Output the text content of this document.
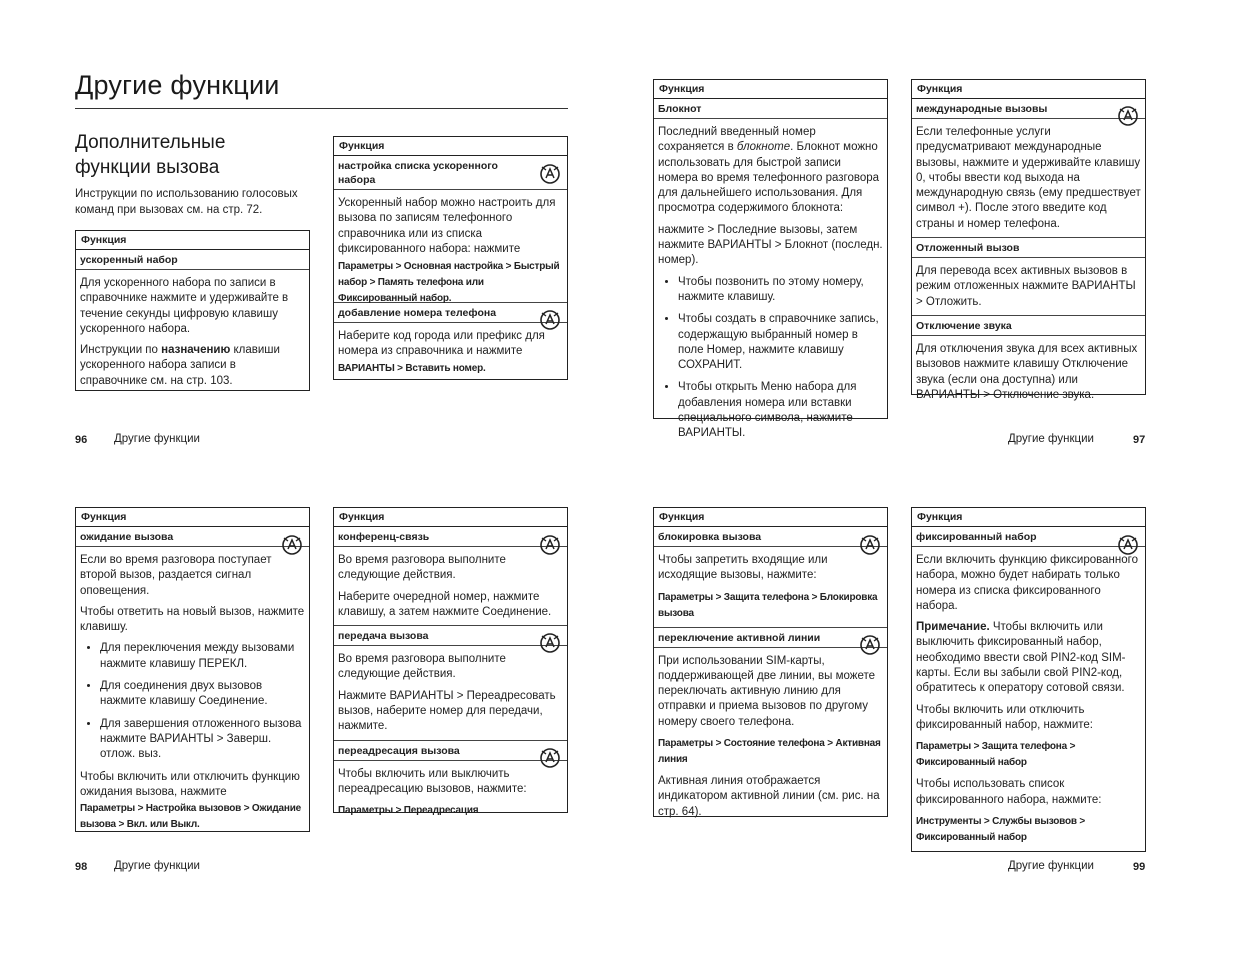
Другие функции
Дополнительные
функции вызова
Инструкции по использованию голосовых команд при вызовах см. на стр. 72.
Функция
ускоренный набор
Для ускоренного набора по записи в справочнике нажмите и удерживайте в течение секунды цифровую клавишу ускоренного набора.
Инструкции по назначению клавиши ускоренного набора записи в справочнике см. на стр. 103.
Функция
настройка списка ускоренного набора
Ускоренный набор можно настроить для вызова по записям телефонного справочника или из списка фиксированного набора: нажмите
Параметры > Основная настройка > Быстрый набор > Память телефона или Фиксированный набор.
добавление номера телефона
Наберите код города или префикс для номера из справочника и нажмите
ВАРИАНТЫ > Вставить номер.
96 Другие функции
Функция
Блокнот
Последний введенный номер сохраняется в блокноте. Блокнот можно использовать для быстрой записи номера во время телефонного разговора для дальнейшего использования. Для просмотра содержимого блокнота:
нажмите > Последние вызовы, затем нажмите ВАРИАНТЫ > Блокнот (последн. номер).
• Чтобы позвонить по этому номеру, нажмите клавишу.
• Чтобы создать в справочнике запись, содержащую выбранный номер в поле Номер, нажмите клавишу СОХРАНИТ.
• Чтобы открыть Меню набора для добавления номера или вставки специального символа, нажмите ВАРИАНТЫ.
Функция
международные вызовы
Если телефонные услуги предусматривают международные вызовы, нажмите и удерживайте клавишу 0, чтобы ввести код выхода на международную связь (ему предшествует символ +). После этого введите код страны и номер телефона.
Отложенный вызов
Для перевода всех активных вызовов в режим отложенных нажмите ВАРИАНТЫ > Отложить.
Отключение звука
Для отключения звука для всех активных вызовов нажмите клавишу Отключение звука (если она доступна) или ВАРИАНТЫ > Отключение звука.
Другие функции	97
Функция
ожидание вызова
Если во время разговора поступает второй вызов, раздается сигнал оповещения.
Чтобы ответить на новый вызов, нажмите клавишу.
• Для переключения между вызовами нажмите клавишу ПЕРЕКЛ.
• Для соединения двух вызовов нажмите клавишу Соединение.
• Для завершения отложенного вызова нажмите ВАРИАНТЫ > Заверш. отлож. выз.
Чтобы включить или отключить функцию ожидания вызова, нажмите
Параметры > Настройка вызовов > Ожидание вызова > Вкл. или Выкл.
Функция
конференц-связь
Во время разговора выполните следующие действия.
Наберите очередной номер, нажмите клавишу, а затем нажмите Соединение.
передача вызова
Во время разговора выполните следующие действия.
Нажмите ВАРИАНТЫ > Переадресовать вызов, наберите номер для передачи, нажмите.
переадресация вызова
Чтобы включить или выключить переадресацию вызовов, нажмите:
Параметры > Переадресация
98 Другие функции
Функция
блокировка вызова
Чтобы запретить входящие или исходящие вызовы, нажмите:
Параметры > Защита телефона > Блокировка вызова
переключение активной линии
При использовании SIM-карты, поддерживающей две линии, вы можете переключать активную линию для отправки и приема вызовов по другому номеру своего телефона.
Параметры > Состояние телефона > Активная линия
Активная линия отображается индикатором активной линии (см. рис. на стр. 64).
Функция
фиксированный набор
Если включить функцию фиксированного набора, можно будет набирать только номера из списка фиксированного набора.
Примечание. Чтобы включить или выключить фиксированный набор, необходимо ввести свой PIN2-код SIM-карты. Если вы забыли свой PIN2-код, обратитесь к оператору сотовой связи.
Чтобы включить или отключить фиксированный набор, нажмите:
Параметры > Защита телефона > Фиксированный набор
Чтобы использовать список фиксированного набора, нажмите:
Инструменты > Службы вызовов > Фиксированный набор
Другие функции	99
